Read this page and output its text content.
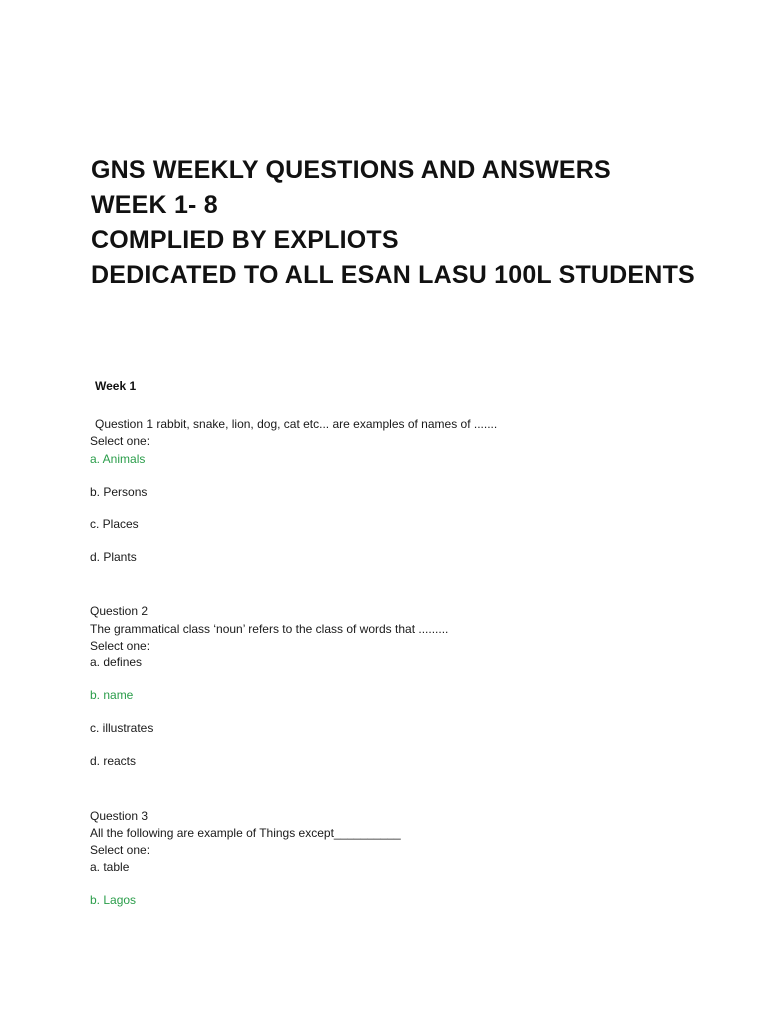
GNS WEEKLY QUESTIONS AND ANSWERS
WEEK 1- 8
COMPLIED BY EXPLIOTS
DEDICATED TO ALL ESAN LASU 100L STUDENTS
Week 1
Question 1 rabbit, snake, lion, dog, cat etc... are examples of names of .......
Select one:
a. Animals
b. Persons
c. Places
d. Plants
Question 2
The grammatical class ‘noun’ refers to the class of words that .........
Select one:
a. defines
b. name
c. illustrates
d. reacts
Question 3
All the following are example of Things except__________
Select one:
a. table
b. Lagos
